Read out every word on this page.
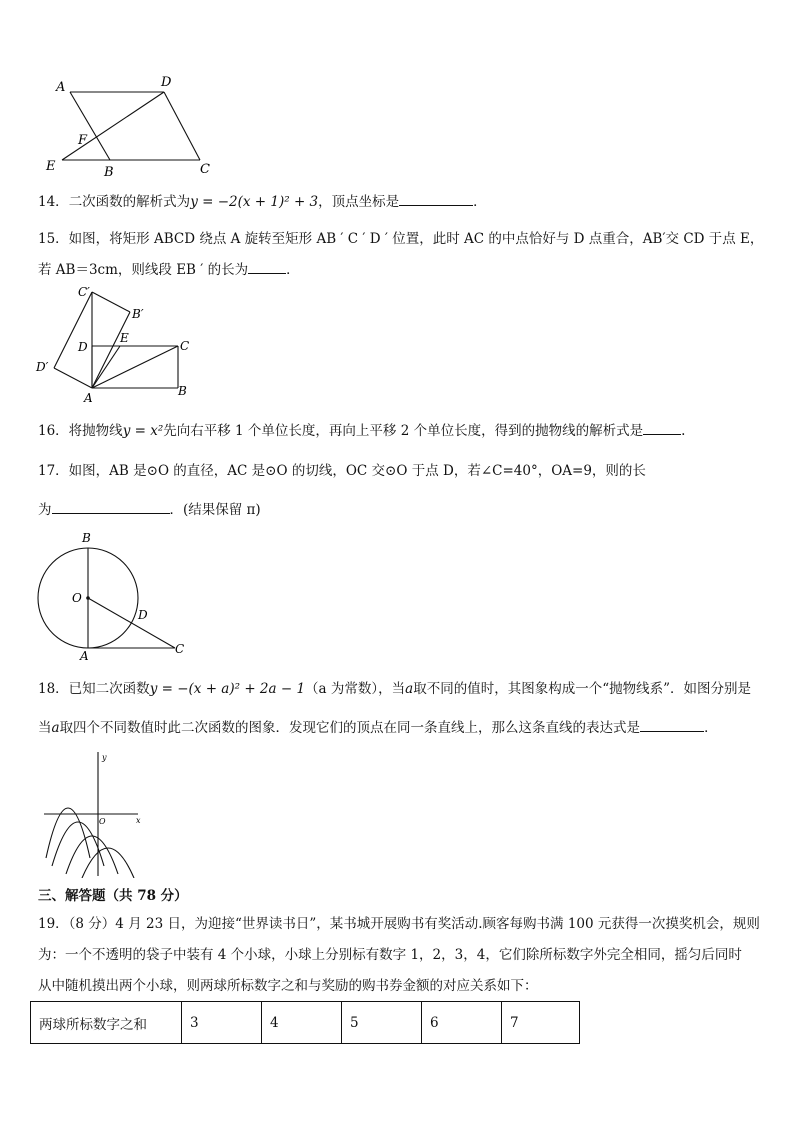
A	D
F
E	B	C
14．二次函数的解析式为y = −2(x + 1)² + 3，顶点坐标是	．
15．如图，将矩形 ABCD 绕点 A 旋转至矩形 AB ′ C ′ D ′ 位置，此时 AC 的中点恰好与 D 点重合，AB′交 CD 于点 E，
若 AB＝3cm，则线段 EB ′ 的长为	．
C′
B′
D
E
C
D′
A	B
16．将抛物线y = x²先向右平移 1 个单位长度，再向上平移 2 个单位长度，得到的抛物线的解析式是	.
17．如图，AB 是⊙O 的直径，AC 是⊙O 的切线，OC 交⊙O 于点 D，若∠C=40°，OA=9，则的长
为	．(结果保留 π)
B
O
D
A	C
18．已知二次函数y = −(x + a)² + 2a − 1（a 为常数），当a取不同的值时，其图象构成一个“抛物线系”．如图分别是
当a取四个不同数值时此二次函数的图象．发现它们的顶点在同一条直线上，那么这条直线的表达式是	．
y
x
O
三、解答题（共 78 分）
19．（8 分）4 月 23 日，为迎接“世界读书日”，某书城开展购书有奖活动.顾客每购书满 100 元获得一次摸奖机会，规则
为：一个不透明的袋子中装有 4 个小球，小球上分别标有数字 1，2，3，4，它们除所标数字外完全相同，摇匀后同时
从中随机摸出两个小球，则两球所标数字之和与奖励的购书券金额的对应关系如下：
两球所标数字之和	3	4	5	6	7
